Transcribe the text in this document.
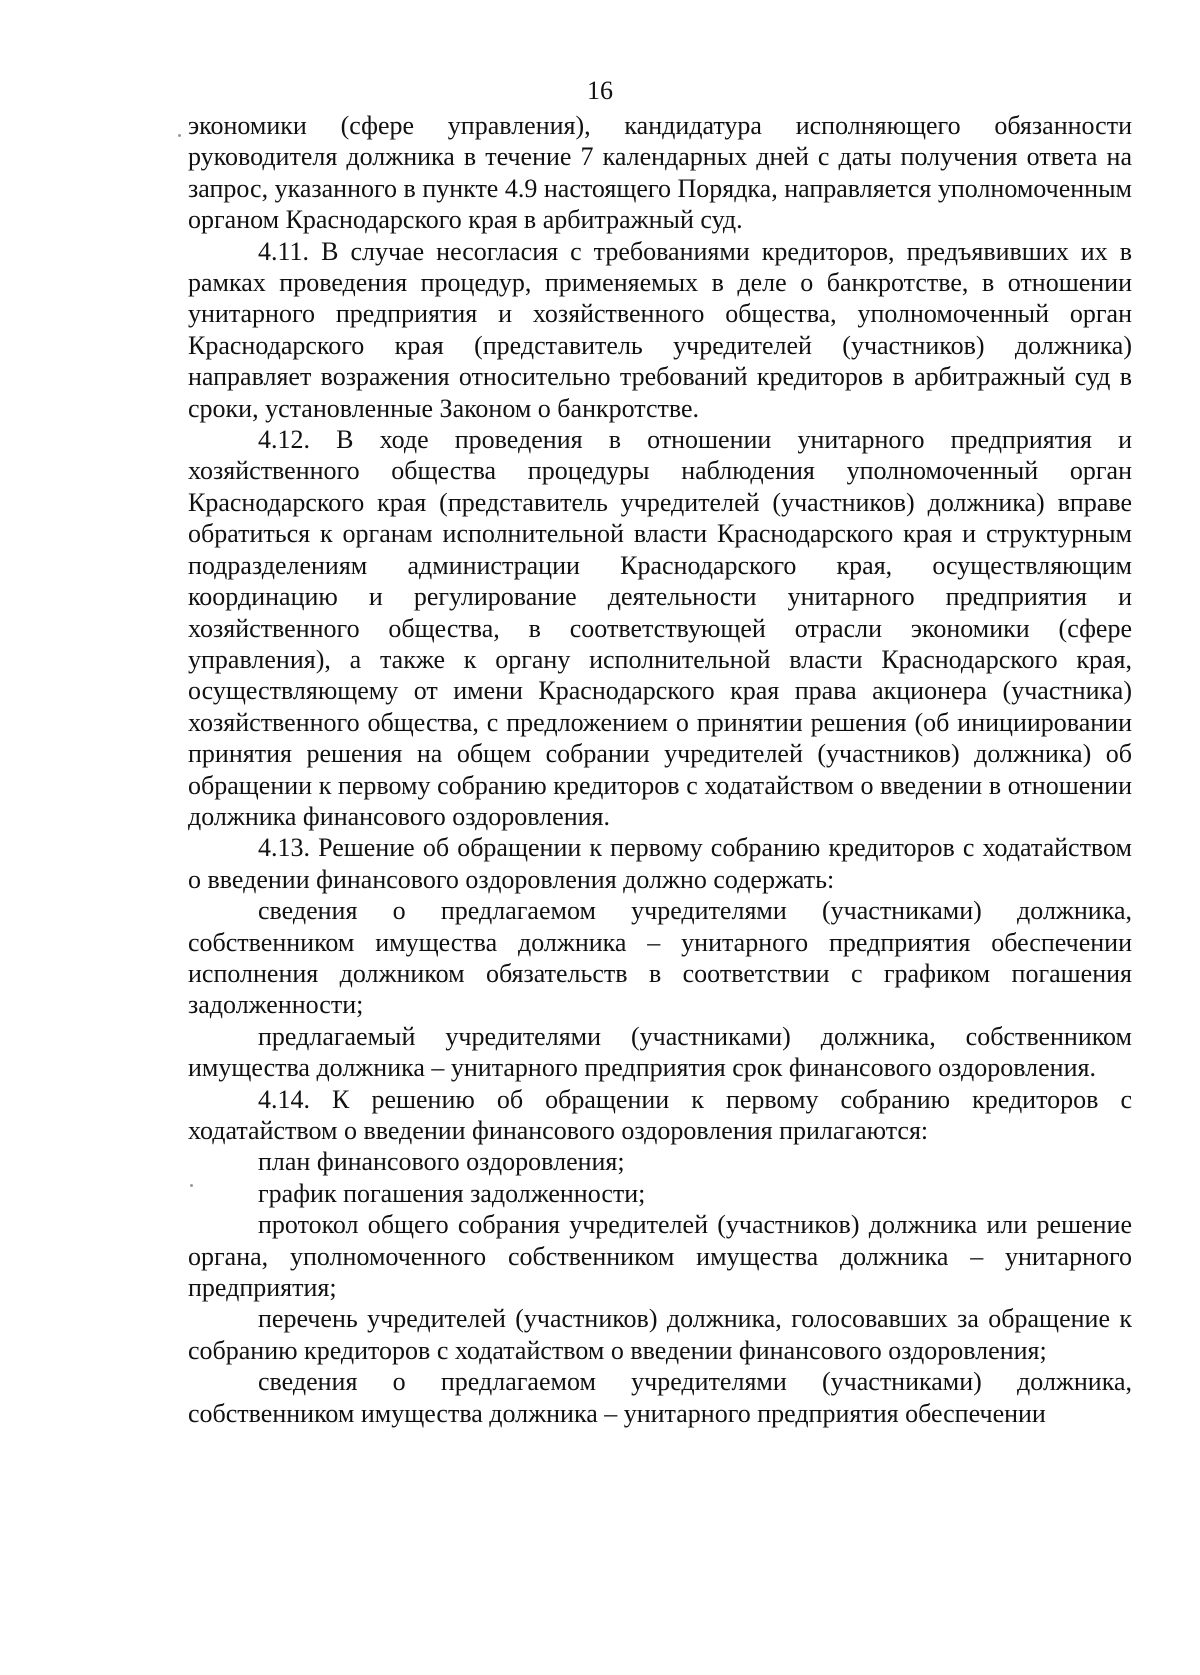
16

экономики (сфере управления), кандидатура исполняющего обязанности руководителя должника в течение 7 календарных дней с даты получения ответа на запрос, указанного в пункте 4.9 настоящего Порядка, направляется уполномоченным органом Краснодарского края в арбитражный суд.

4.11. В случае несогласия с требованиями кредиторов, предъявивших их в рамках проведения процедур, применяемых в деле о банкротстве, в отношении унитарного предприятия и хозяйственного общества, уполномоченный орган Краснодарского края (представитель учредителей (участников) должника) направляет возражения относительно требований кредиторов в арбитражный суд в сроки, установленные Законом о банкротстве.

4.12. В ходе проведения в отношении унитарного предприятия и хозяйственного общества процедуры наблюдения уполномоченный орган Краснодарского края (представитель учредителей (участников) должника) вправе обратиться к органам исполнительной власти Краснодарского края и структурным подразделениям администрации Краснодарского края, осуществляющим координацию и регулирование деятельности унитарного предприятия и хозяйственного общества, в соответствующей отрасли экономики (сфере управления), а также к органу исполнительной власти Краснодарского края, осуществляющему от имени Краснодарского края права акционера (участника) хозяйственного общества, с предложением о принятии решения (об инициировании принятия решения на общем собрании учредителей (участников) должника) об обращении к первому собранию кредиторов с ходатайством о введении в отношении должника финансового оздоровления.

4.13. Решение об обращении к первому собранию кредиторов с ходатайством о введении финансового оздоровления должно содержать:

сведения о предлагаемом учредителями (участниками) должника, собственником имущества должника – унитарного предприятия обеспечении исполнения должником обязательств в соответствии с графиком погашения задолженности;

предлагаемый учредителями (участниками) должника, собственником имущества должника – унитарного предприятия срок финансового оздоровления.

4.14. К решению об обращении к первому собранию кредиторов с ходатайством о введении финансового оздоровления прилагаются:

план финансового оздоровления;

график погашения задолженности;

протокол общего собрания учредителей (участников) должника или решение органа, уполномоченного собственником имущества должника – унитарного предприятия;

перечень учредителей (участников) должника, голосовавших за обращение к собранию кредиторов с ходатайством о введении финансового оздоровления;

сведения о предлагаемом учредителями (участниками) должника, собственником имущества должника – унитарного предприятия обеспечении
